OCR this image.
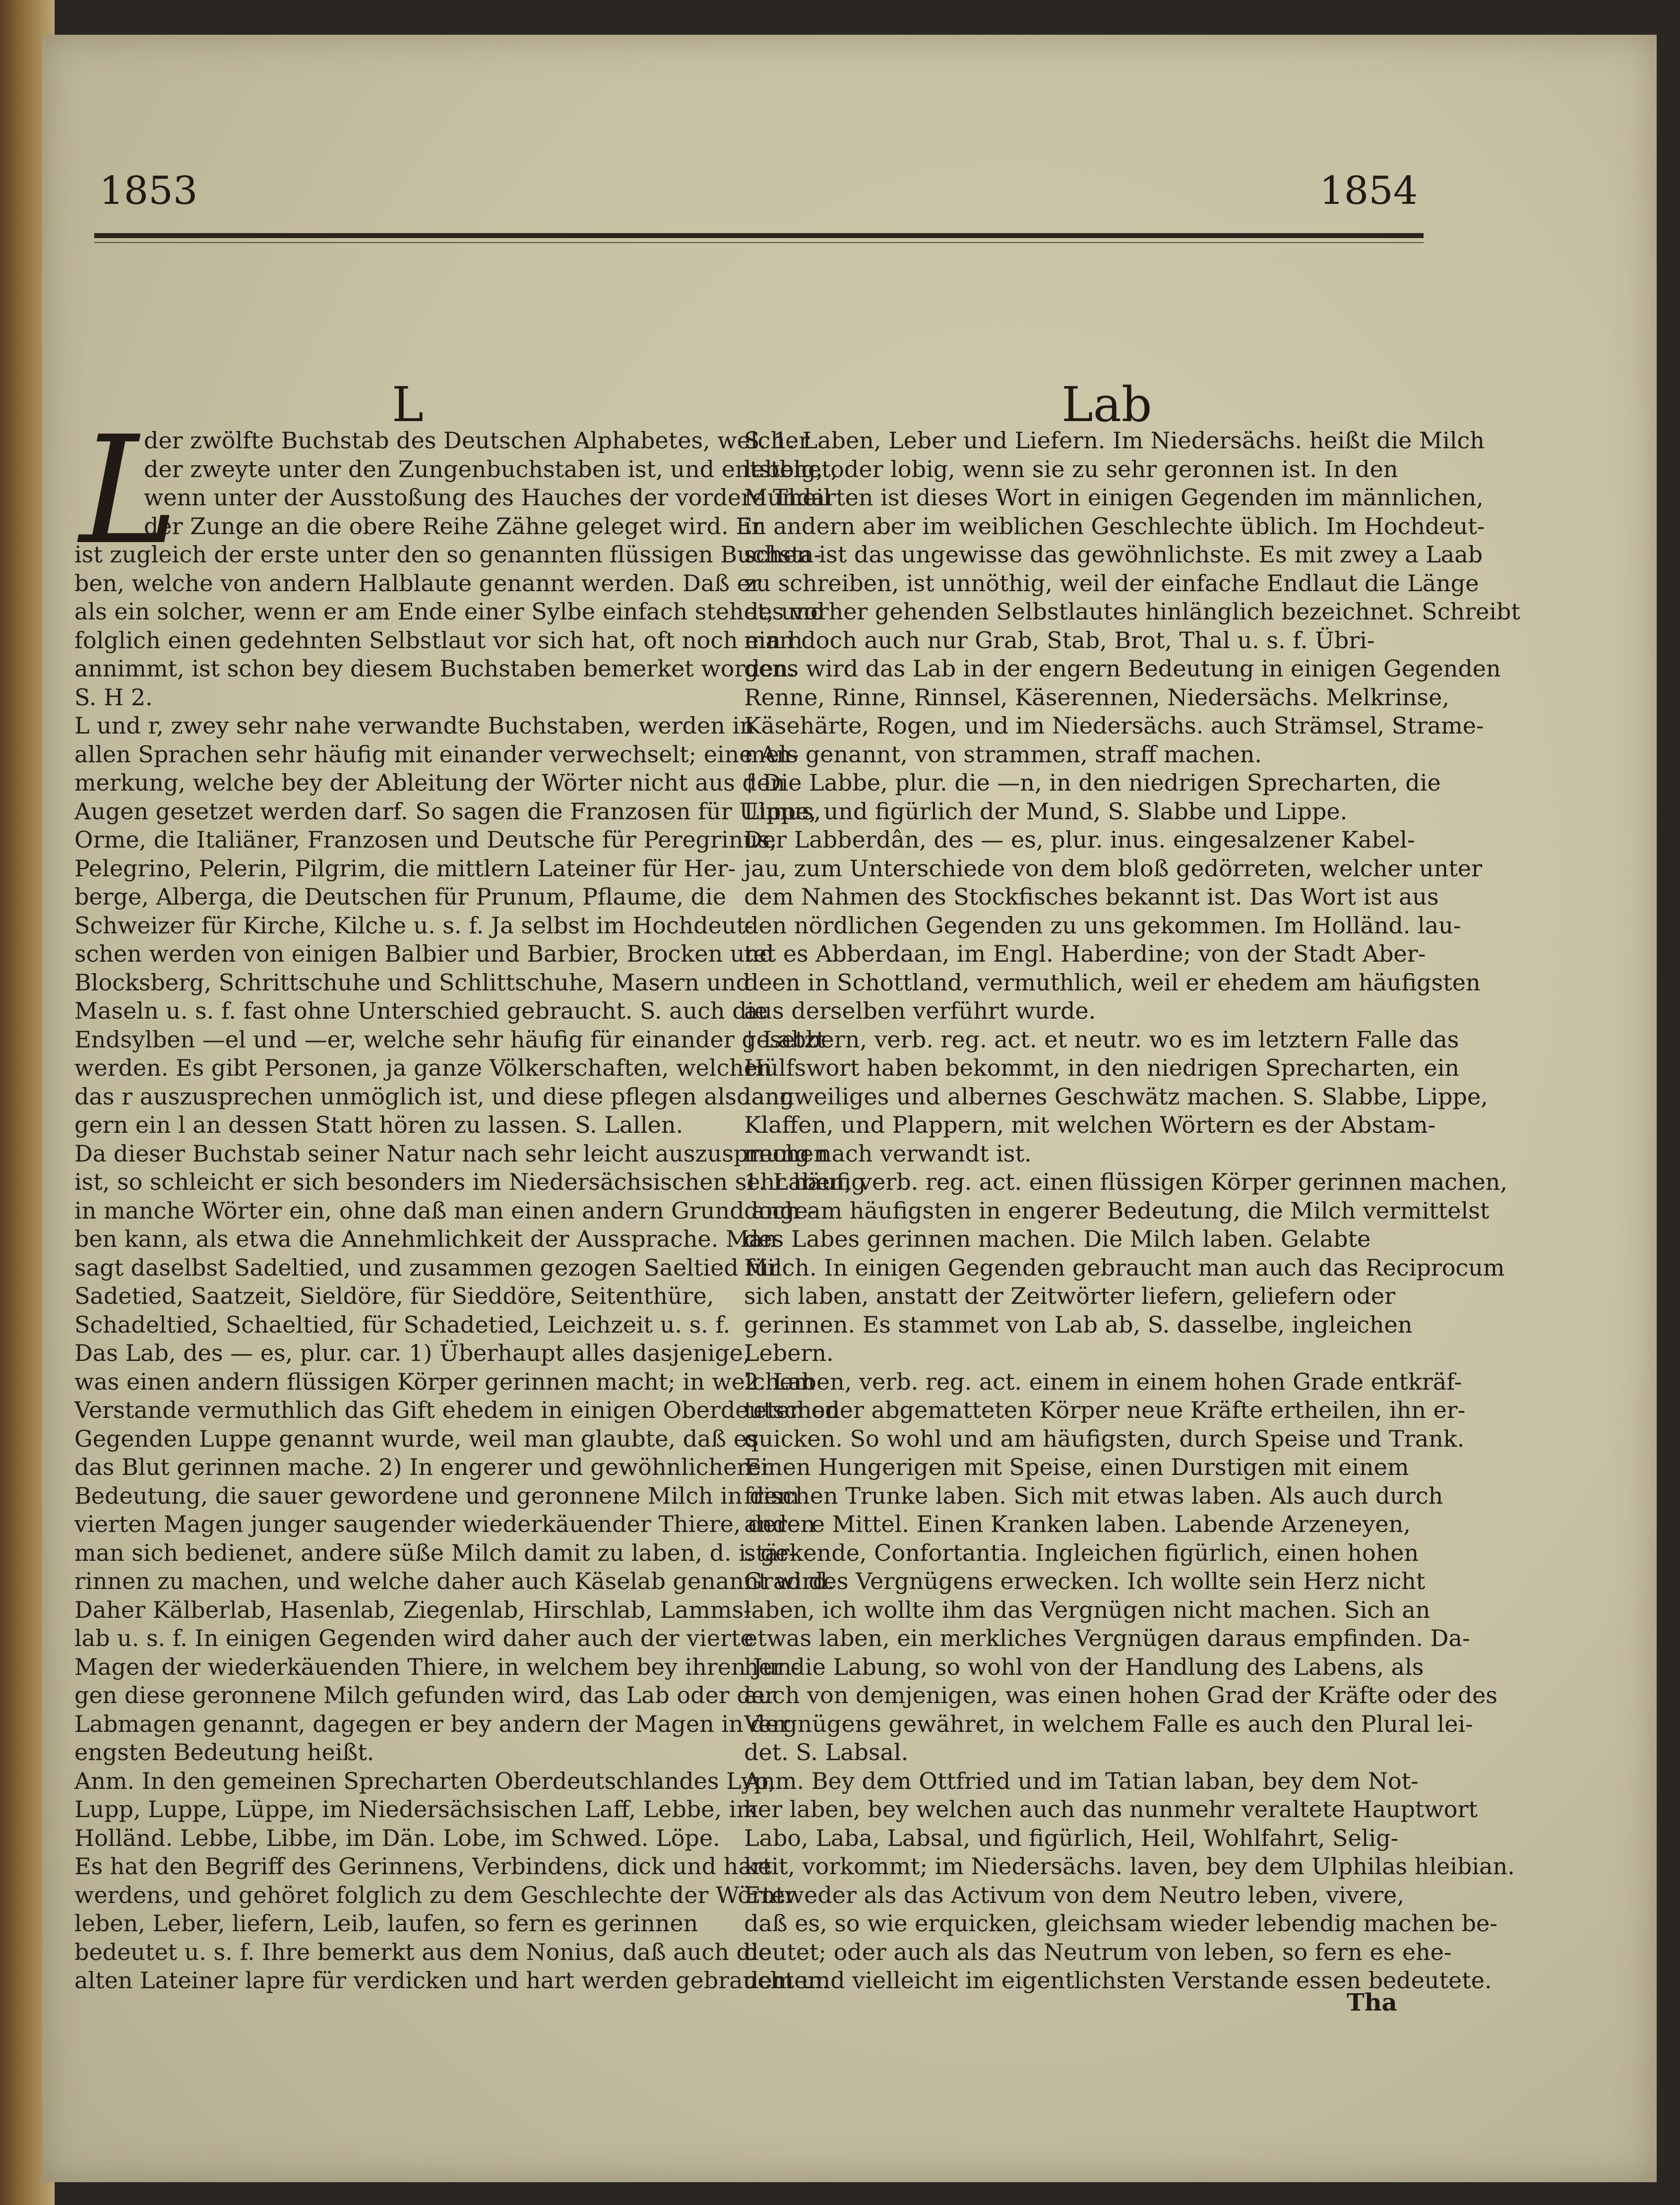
1853	1854
L	Lab
L

der zwölfte Buchstab des Deutschen Alphabetes, welcher

der zweyte unter den Zungenbuchstaben ist, und entstehet,

wenn unter der Ausstoßung des Hauches der vordere Theil

der Zunge an die obere Reihe Zähne geleget wird. Er

ist zugleich der erste unter den so genannten flüssigen Buchsta-

ben, welche von andern Halblaute genannt werden. Daß er

als ein solcher, wenn er am Ende einer Sylbe einfach stehet, und

folglich einen gedehnten Selbstlaut vor sich hat, oft noch ein h

annimmt, ist schon bey diesem Buchstaben bemerket worden.

S. H 2.

L und r, zwey sehr nahe verwandte Buchstaben, werden in

allen Sprachen sehr häufig mit einander verwechselt; eine An-

merkung, welche bey der Ableitung der Wörter nicht aus den

Augen gesetzet werden darf. So sagen die Franzosen für Ulmus,

Orme, die Italiäner, Franzosen und Deutsche für Peregrinus,

Pelegrino, Pelerin, Pilgrim, die mittlern Lateiner für Her-

berge, Alberga, die Deutschen für Prunum, Pflaume, die

Schweizer für Kirche, Kilche u. s. f. Ja selbst im Hochdeut-

schen werden von einigen Balbier und Barbier, Brocken und

Blocksberg, Schrittschuhe und Schlittschuhe, Masern und

Maseln u. s. f. fast ohne Unterschied gebraucht. S. auch die

Endsylben —el und —er, welche sehr häufig für einander gesetzt

werden. Es gibt Personen, ja ganze Völkerschaften, welchen

das r auszusprechen unmöglich ist, und diese pflegen alsdann

gern ein l an dessen Statt hören zu lassen. S. Lallen.

Da dieser Buchstab seiner Natur nach sehr leicht auszusprechen

ist, so schleicht er sich besonders im Niedersächsischen sehr häufig

in manche Wörter ein, ohne daß man einen andern Grund ange-

ben kann, als etwa die Annehmlichkeit der Aussprache. Man

sagt daselbst Sadeltied, und zusammen gezogen Saeltied für

Sadetied, Saatzeit, Sieldöre, für Sieddöre, Seitenthüre,

Schadeltied, Schaeltied, für Schadetied, Leichzeit u. s. f.

Das Lab, des — es, plur. car. 1) Überhaupt alles dasjenige,

was einen andern flüssigen Körper gerinnen macht; in welchem

Verstande vermuthlich das Gift ehedem in einigen Oberdeutschen

Gegenden Luppe genannt wurde, weil man glaubte, daß es

das Blut gerinnen mache. 2) In engerer und gewöhnlicherer

Bedeutung, die sauer gewordene und geronnene Milch in dem

vierten Magen junger saugender wiederkäuender Thiere, deren

man sich bedienet, andere süße Milch damit zu laben, d. i. ge-

rinnen zu machen, und welche daher auch Käselab genannt wird.

Daher Kälberlab, Hasenlab, Ziegenlab, Hirschlab, Lamms-

lab u. s. f. In einigen Gegenden wird daher auch der vierte

Magen der wiederkäuenden Thiere, in welchem bey ihren Jun-

gen diese geronnene Milch gefunden wird, das Lab oder der

Labmagen genannt, dagegen er bey andern der Magen in der

engsten Bedeutung heißt.

Anm. In den gemeinen Sprecharten Oberdeutschlandes Lyp,

Lupp, Luppe, Lüppe, im Niedersächsischen Laff, Lebbe, im

Holländ. Lebbe, Libbe, im Dän. Lobe, im Schwed. Löpe.

Es hat den Begriff des Gerinnens, Verbindens, dick und hart

werdens, und gehöret folglich zu dem Geschlechte der Wörter

leben, Leber, liefern, Leib, laufen, so fern es gerinnen

bedeutet u. s. f. Ihre bemerkt aus dem Nonius, daß auch die

alten Lateiner lapre für verdicken und hart werden gebrauchten.

S. 1. Laben, Leber und Liefern. Im Niedersächs. heißt die Milch

lebbig, oder lobig, wenn sie zu sehr geronnen ist. In den

Mundarten ist dieses Wort in einigen Gegenden im männlichen,

in andern aber im weiblichen Geschlechte üblich. Im Hochdeut-

schen ist das ungewisse das gewöhnlichste. Es mit zwey a Laab

zu schreiben, ist unnöthig, weil der einfache Endlaut die Länge

des vorher gehenden Selbstlautes hinlänglich bezeichnet. Schreibt

man doch auch nur Grab, Stab, Brot, Thal u. s. f. Übri-

gens wird das Lab in der engern Bedeutung in einigen Gegenden

Renne, Rinne, Rinnsel, Käserennen, Niedersächs. Melkrinse,

Käsehärte, Rogen, und im Niedersächs. auch Strämsel, Strame-

mels genannt, von strammen, straff machen.

† Die Labbe, plur. die —n, in den niedrigen Sprecharten, die

Lippe, und figürlich der Mund, S. Slabbe und Lippe.

Der Labberdân, des — es, plur. inus. eingesalzener Kabel-

jau, zum Unterschiede von dem bloß gedörreten, welcher unter

dem Nahmen des Stockfisches bekannt ist. Das Wort ist aus

den nördlichen Gegenden zu uns gekommen. Im Holländ. lau-

tet es Abberdaan, im Engl. Haberdine; von der Stadt Aber-

deen in Schottland, vermuthlich, weil er ehedem am häufigsten

aus derselben verführt wurde.

† Labbern, verb. reg. act. et neutr. wo es im letztern Falle das

Hülfswort haben bekommt, in den niedrigen Sprecharten, ein

langweiliges und albernes Geschwätz machen. S. Slabbe, Lippe,

Klaffen, und Plappern, mit welchen Wörtern es der Abstam-

mung nach verwandt ist.

1. Laben, verb. reg. act. einen flüssigen Körper gerinnen machen,

doch am häufigsten in engerer Bedeutung, die Milch vermittelst

des Labes gerinnen machen. Die Milch laben. Gelabte

Milch. In einigen Gegenden gebraucht man auch das Reciprocum

sich laben, anstatt der Zeitwörter liefern, geliefern oder

gerinnen. Es stammet von Lab ab, S. dasselbe, ingleichen

Lebern.

2. Laben, verb. reg. act. einem in einem hohen Grade entkräf-

teten oder abgematteten Körper neue Kräfte ertheilen, ihn er-

quicken. So wohl und am häufigsten, durch Speise und Trank.

Einen Hungerigen mit Speise, einen Durstigen mit einem

frischen Trunke laben. Sich mit etwas laben. Als auch durch

andere Mittel. Einen Kranken laben. Labende Arzeneyen,

stärkende, Confortantia. Ingleichen figürlich, einen hohen

Grad des Vergnügens erwecken. Ich wollte sein Herz nicht

laben, ich wollte ihm das Vergnügen nicht machen. Sich an

etwas laben, ein merkliches Vergnügen daraus empfinden. Da-

her die Labung, so wohl von der Handlung des Labens, als

auch von demjenigen, was einen hohen Grad der Kräfte oder des

Vergnügens gewähret, in welchem Falle es auch den Plural lei-

det. S. Labsal.

Anm. Bey dem Ottfried und im Tatian laban, bey dem Not-

ker laben, bey welchen auch das nunmehr veraltete Hauptwort

Labo, Laba, Labsal, und figürlich, Heil, Wohlfahrt, Selig-

keit, vorkommt; im Niedersächs. laven, bey dem Ulphilas hleibian.

Entweder als das Activum von dem Neutro leben, vivere,

daß es, so wie erquicken, gleichsam wieder lebendig machen be-

deutet; oder auch als das Neutrum von leben, so fern es ehe-

dem und vielleicht im eigentlichsten Verstande essen bedeutete.

Tha
